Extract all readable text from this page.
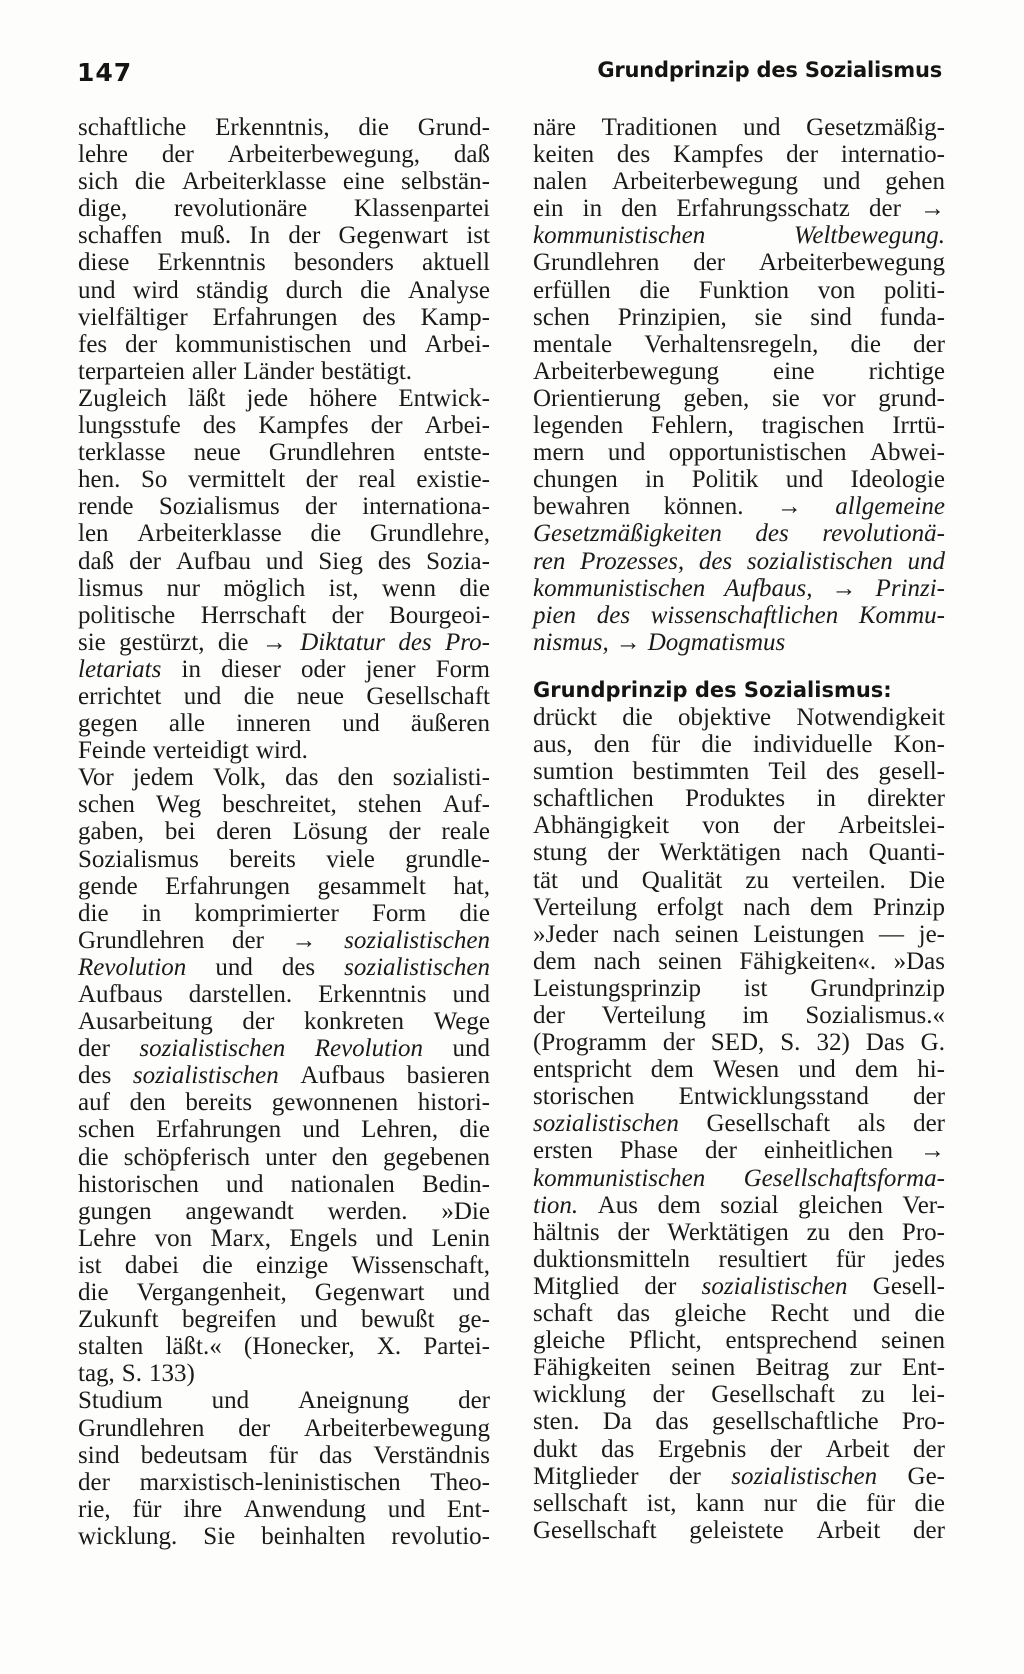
147	Grundprinzip des Sozialismus
schaftliche Erkenntnis, die Grund-
lehre der Arbeiterbewegung, daß
sich die Arbeiterklasse eine selbstän-
dige, revolutionäre Klassenpartei
schaffen muß. In der Gegenwart ist
diese Erkenntnis besonders aktuell
und wird ständig durch die Analyse
vielfältiger Erfahrungen des Kamp-
fes der kommunistischen und Arbei-
terparteien aller Länder bestätigt.
Zugleich läßt jede höhere Entwick-
lungsstufe des Kampfes der Arbei-
terklasse neue Grundlehren entste-
hen. So vermittelt der real existie-
rende Sozialismus der internationa-
len Arbeiterklasse die Grundlehre,
daß der Aufbau und Sieg des Sozia-
lismus nur möglich ist, wenn die
politische Herrschaft der Bourgeoi-
sie gestürzt, die → Diktatur des Pro-
letariats in dieser oder jener Form
errichtet und die neue Gesellschaft
gegen alle inneren und äußeren
Feinde verteidigt wird.
Vor jedem Volk, das den sozialisti-
schen Weg beschreitet, stehen Auf-
gaben, bei deren Lösung der reale
Sozialismus bereits viele grundle-
gende Erfahrungen gesammelt hat,
die in komprimierter Form die
Grundlehren der → sozialistischen
Revolution und des sozialistischen
Aufbaus darstellen. Erkenntnis und
Ausarbeitung der konkreten Wege
der sozialistischen Revolution und
des sozialistischen Aufbaus basieren
auf den bereits gewonnenen histori-
schen Erfahrungen und Lehren, die
die schöpferisch unter den gegebenen
historischen und nationalen Bedin-
gungen angewandt werden. »Die
Lehre von Marx, Engels und Lenin
ist dabei die einzige Wissenschaft,
die Vergangenheit, Gegenwart und
Zukunft begreifen und bewußt ge-
stalten läßt.« (Honecker, X. Partei-
tag, S. 133)
Studium und Aneignung der
Grundlehren der Arbeiterbewegung
sind bedeutsam für das Verständnis
der marxistisch-leninistischen Theo-
rie, für ihre Anwendung und Ent-
wicklung. Sie beinhalten revolutio-
näre Traditionen und Gesetzmäßig-
keiten des Kampfes der internatio-
nalen Arbeiterbewegung und gehen
ein in den Erfahrungsschatz der →
kommunistischen	Weltbewegung.
Grundlehren der Arbeiterbewegung
erfüllen die Funktion von politi-
schen Prinzipien, sie sind funda-
mentale Verhaltensregeln, die der
Arbeiterbewegung eine richtige
Orientierung geben, sie vor grund-
legenden Fehlern, tragischen Irrtü-
mern und opportunistischen Abwei-
chungen in Politik und Ideologie
bewahren können. → allgemeine
Gesetzmäßigkeiten des revolutionä-
ren Prozesses, des sozialistischen und
kommunistischen Aufbaus, → Prinzi-
pien des wissenschaftlichen Kommu-
nismus, → Dogmatismus
Grundprinzip des Sozialismus:
drückt die objektive Notwendigkeit
aus, den für die individuelle Kon-
sumtion bestimmten Teil des gesell-
schaftlichen Produktes in direkter
Abhängigkeit von der Arbeitslei-
stung der Werktätigen nach Quanti-
tät und Qualität zu verteilen. Die
Verteilung erfolgt nach dem Prinzip
»Jeder nach seinen Leistungen — je-
dem nach seinen Fähigkeiten«. »Das
Leistungsprinzip ist Grundprinzip
der Verteilung im Sozialismus.«
(Programm der SED, S. 32) Das G.
entspricht dem Wesen und dem hi-
storischen Entwicklungsstand der
sozialistischen Gesellschaft als der
ersten Phase der einheitlichen →
kommunistischen Gesellschaftsforma-
tion. Aus dem sozial gleichen Ver-
hältnis der Werktätigen zu den Pro-
duktionsmitteln resultiert für jedes
Mitglied der sozialistischen Gesell-
schaft das gleiche Recht und die
gleiche Pflicht, entsprechend seinen
Fähigkeiten seinen Beitrag zur Ent-
wicklung der Gesellschaft zu lei-
sten. Da das gesellschaftliche Pro-
dukt das Ergebnis der Arbeit der
Mitglieder der sozialistischen Ge-
sellschaft ist, kann nur die für die
Gesellschaft geleistete Arbeit der
